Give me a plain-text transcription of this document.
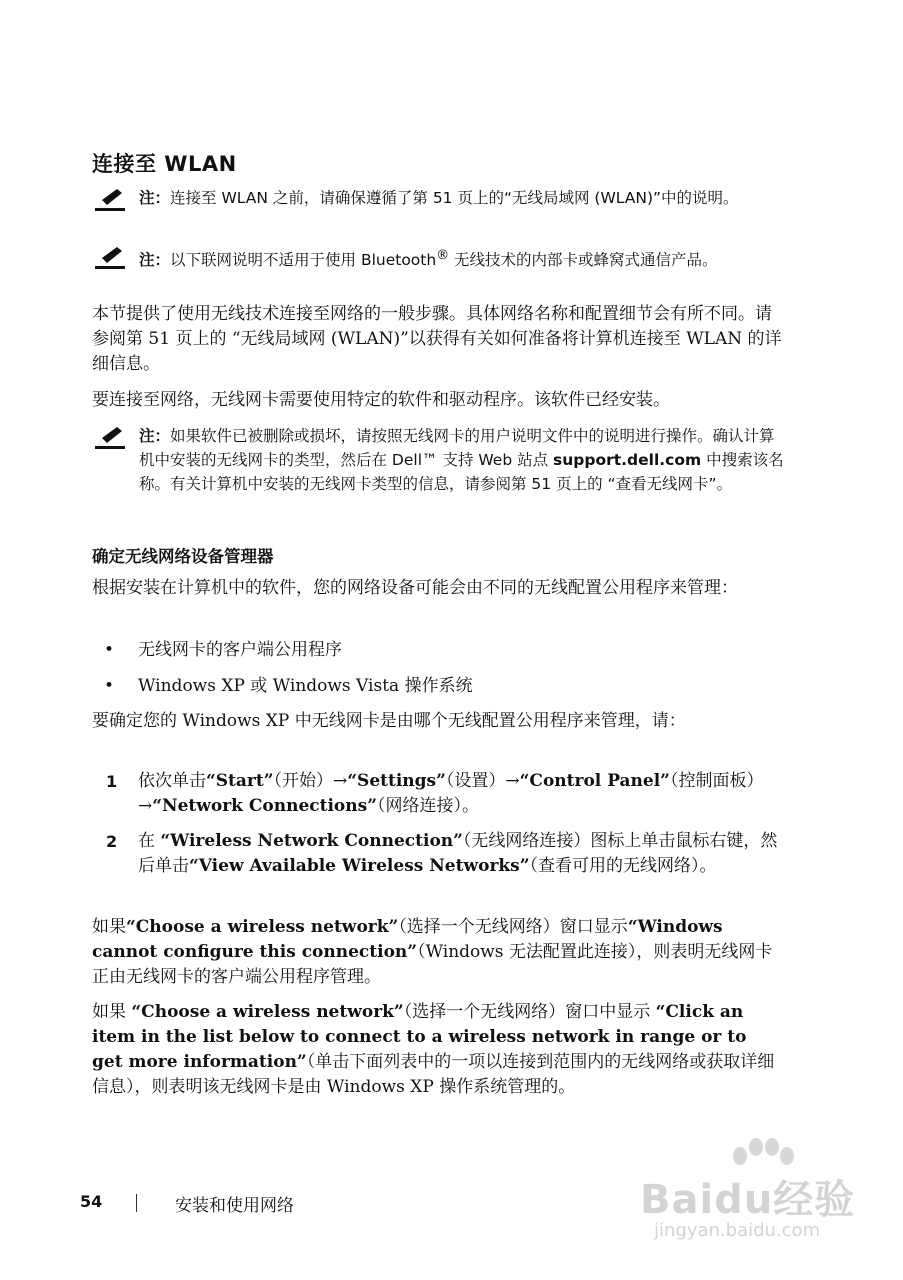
连接至 WLAN
注：连接至 WLAN 之前，请确保遵循了第 51 页上的“无线局域网 (WLAN)”中的说明。
注：以下联网说明不适用于使用 Bluetooth® 无线技术的内部卡或蜂窝式通信产品。
本节提供了使用无线技术连接至网络的一般步骤。具体网络名称和配置细节会有所不同。请参阅第 51 页上的 “无线局域网 (WLAN)”以获得有关如何准备将计算机连接至 WLAN 的详细信息。
要连接至网络，无线网卡需要使用特定的软件和驱动程序。该软件已经安装。
注：如果软件已被删除或损坏，请按照无线网卡的用户说明文件中的说明进行操作。确认计算机中安装的无线网卡的类型，然后在 Dell™ 支持 Web 站点 support.dell.com 中搜索该名称。有关计算机中安装的无线网卡类型的信息，请参阅第 51 页上的 “查看无线网卡”。
确定无线网络设备管理器
根据安装在计算机中的软件，您的网络设备可能会由不同的无线配置公用程序来管理：
• 无线网卡的客户端公用程序
• Windows XP 或 Windows Vista 操作系统
要确定您的 Windows XP 中无线网卡是由哪个无线配置公用程序来管理，请：
1 依次单击“Start”（开始）→“Settings”（设置）→“Control Panel”（控制面板） →“Network Connections”（网络连接）。
2 在 “Wireless Network Connection”（无线网络连接）图标上单击鼠标右键，然后单击“View Available Wireless Networks”（查看可用的无线网络）。
如果“Choose a wireless network”（选择一个无线网络）窗口显示“Windows cannot configure this connection”（Windows 无法配置此连接），则表明无线网卡正由无线网卡的客户端公用程序管理。
如果 “Choose a wireless network”（选择一个无线网络）窗口中显示 “Click an item in the list below to connect to a wireless network in range or to get more information”（单击下面列表中的一项以连接到范围内的无线网络或获取详细信息），则表明该无线网卡是由 Windows XP 操作系统管理的。
54	安装和使用网络	Baidu经验
jingyan.baidu.com
